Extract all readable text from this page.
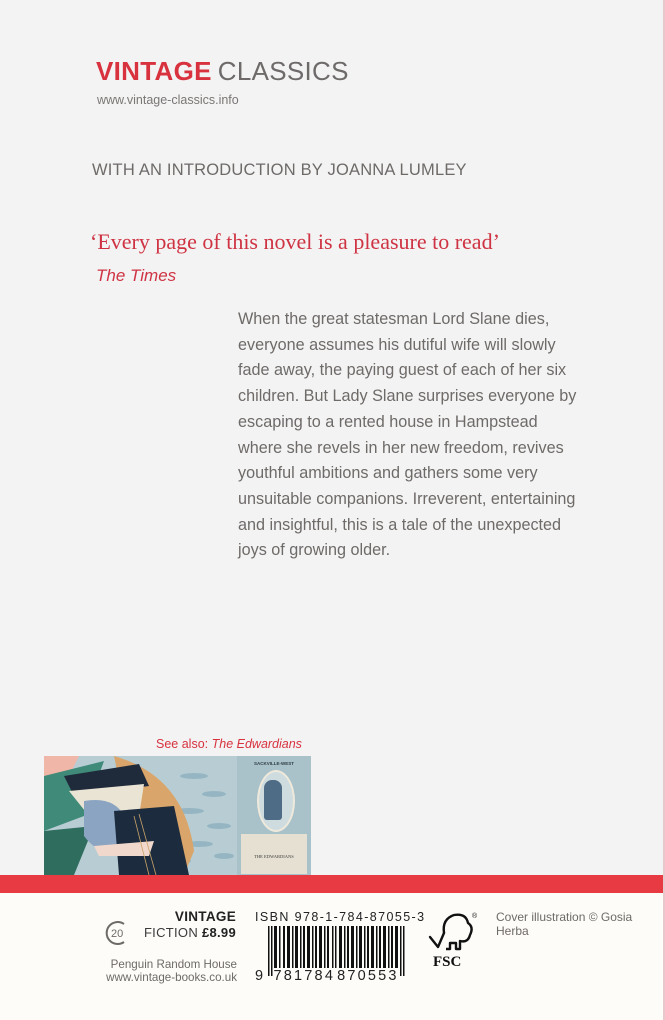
VINTAGE CLASSICS
www.vintage-classics.info
WITH AN INTRODUCTION BY JOANNA LUMLEY
‘Every page of this novel is a pleasure to read’
The Times
When the great statesman Lord Slane dies,
everyone assumes his dutiful wife will slowly
fade away, the paying guest of each of her six
children. But Lady Slane surprises everyone by
escaping to a rented house in Hampstead
where she revels in her new freedom, revives
youthful ambitions and gathers some very
unsuitable companions. Irreverent, entertaining
and insightful, this is a tale of the unexpected
joys of growing older.
See also: The Edwardians
SACKVILLE-WEST
THE EDWARDIANS
VINTAGE
20 FICTION £8.99
Penguin Random House
www.vintage-books.co.uk
ISBN 978-1-784-87055-3
9 781784 870553
®
FSC
Cover illustration © Gosia Herba
